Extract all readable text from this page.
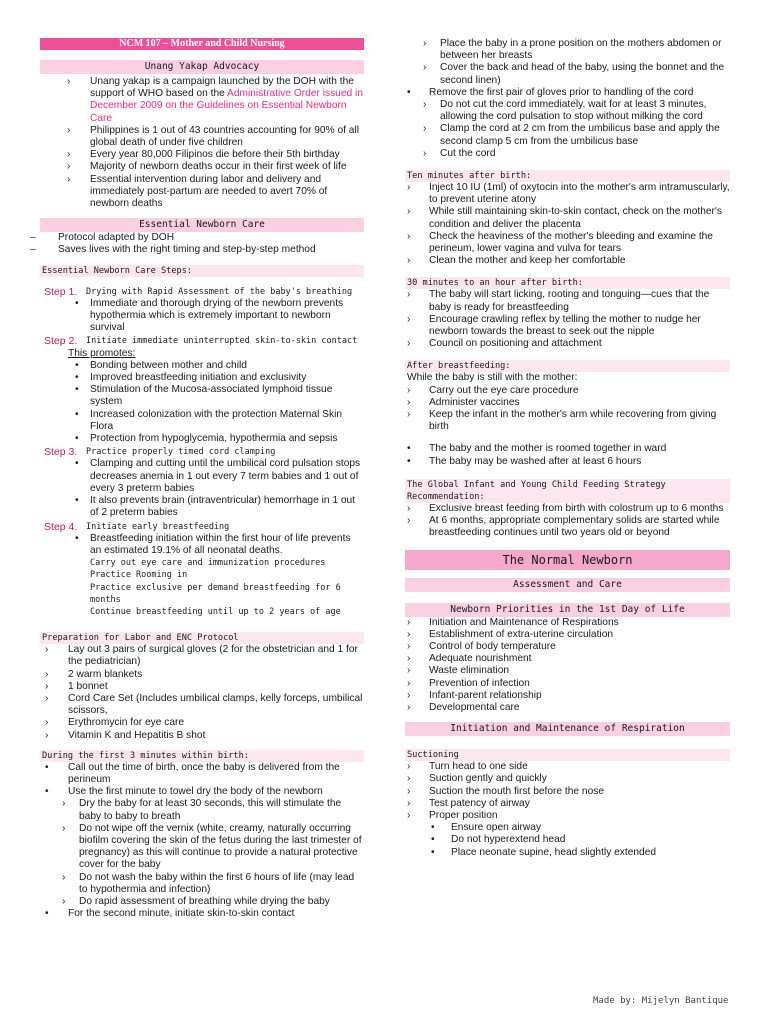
NCM 107 – Mother and Child Nursing
Unang Yakap Advocacy
› Unang yakap is a campaign launched by the DOH with the support of WHO based on the Administrative Order issued in December 2009 on the Guidelines on Essential Newborn Care
› Philippines is 1 out of 43 countries accounting for 90% of all global death of under five children
› Every year 80,000 Filipinos die before their 5th birthday
› Majority of newborn deaths occur in their first week of life
› Essential intervention during labor and delivery and immediately post-partum are needed to avert 70% of newborn deaths
Essential Newborn Care
– Protocol adapted by DOH
– Saves lives with the right timing and step-by-step method
Essential Newborn Care Steps:
Step 1. Drying with Rapid Assessment of the baby's breathing
• Immediate and thorough drying of the newborn prevents hypothermia which is extremely important to newborn survival
Step 2. Initiate immediate uninterrupted skin-to-skin contact
This promotes:
• Bonding between mother and child
• Improved breastfeeding initiation and exclusivity
• Stimulation of the Mucosa-associated lymphoid tissue system
• Increased colonization with the protection Maternal Skin Flora
• Protection from hypoglycemia, hypothermia and sepsis
Step 3. Practice properly timed cord clamping
• Clamping and cutting until the umbilical cord pulsation stops decreases anemia in 1 out every 7 term babies and 1 out of every 3 preterm babies
• It also prevents brain (intraventricular) hemorrhage in 1 out of 2 preterm babies
Step 4. Initiate early breastfeeding
• Breastfeeding initiation within the first hour of life prevents an estimated 19.1% of all neonatal deaths.
Carry out eye care and immunization procedures
Practice Rooming in
Practice exclusive per demand breastfeeding for 6 months
Continue breastfeeding until up to 2 years of age
Preparation for Labor and ENC Protocol
› Lay out 3 pairs of surgical gloves (2 for the obstetrician and 1 for the pediatrician)
› 2 warm blankets
› 1 bonnet
› Cord Care Set (Includes umbilical clamps, kelly forceps, umbilical scissors,
› Erythromycin for eye care
› Vitamin K and Hepatitis B shot
During the first 3 minutes within birth:
• Call out the time of birth, once the baby is delivered from the perineum
• Use the first minute to towel dry the body of the newborn
› Dry the baby for at least 30 seconds, this will stimulate the baby to baby to breath
› Do not wipe off the vernix (white, creamy, naturally occurring biofilm covering the skin of the fetus during the last trimester of pregnancy) as this will continue to provide a natural protective cover for the baby
› Do not wash the baby within the first 6 hours of life (may lead to hypothermia and infection)
› Do rapid assessment of breathing while drying the baby
• For the second minute, initiate skin-to-skin contact
› Place the baby in a prone position on the mothers abdomen or between her breasts
› Cover the back and head of the baby, using the bonnet and the second linen)
• Remove the first pair of gloves prior to handling of the cord
› Do not cut the cord immediately, wait for at least 3 minutes, allowing the cord pulsation to stop without milking the cord
› Clamp the cord at 2 cm from the umbilicus base and apply the second clamp 5 cm from the umbilicus base
› Cut the cord
Ten minutes after birth:
› Inject 10 IU (1ml) of oxytocin into the mother's arm intramuscularly, to prevent uterine atony
› While still maintaining skin-to-skin contact, check on the mother's condition and deliver the placenta
› Check the heaviness of the mother's bleeding and examine the perineum, lower vagina and vulva for tears
› Clean the mother and keep her comfortable
30 minutes to an hour after birth:
› The baby will start licking, rooting and tonguing—cues that the baby is ready for breastfeeding
› Encourage crawling reflex by telling the mother to nudge her newborn towards the breast to seek out the nipple
› Council on positioning and attachment
After breastfeeding:
While the baby is still with the mother:
› Carry out the eye care procedure
› Administer vaccines
› Keep the infant in the mother's arm while recovering from giving birth
• The baby and the mother is roomed together in ward
• The baby may be washed after at least 6 hours
The Global Infant and Young Child Feeding Strategy Recommendation:
› Exclusive breast feeding from birth with colostrum up to 6 months
› At 6 months, appropriate complementary solids are started while breastfeeding continues until two years old or beyond
The Normal Newborn
Assessment and Care
Newborn Priorities in the 1st Day of Life
› Initiation and Maintenance of Respirations
› Establishment of extra-uterine circulation
› Control of body temperature
› Adequate nourishment
› Waste elimination
› Prevention of infection
› Infant-parent relationship
› Developmental care
Initiation and Maintenance of Respiration
Suctioning
› Turn head to one side
› Suction gently and quickly
› Suction the mouth first before the nose
› Test patency of airway
› Proper position
• Ensure open airway
• Do not hyperextend head
• Place neonate supine, head slightly extended
Made by: Mijelyn Bantique
